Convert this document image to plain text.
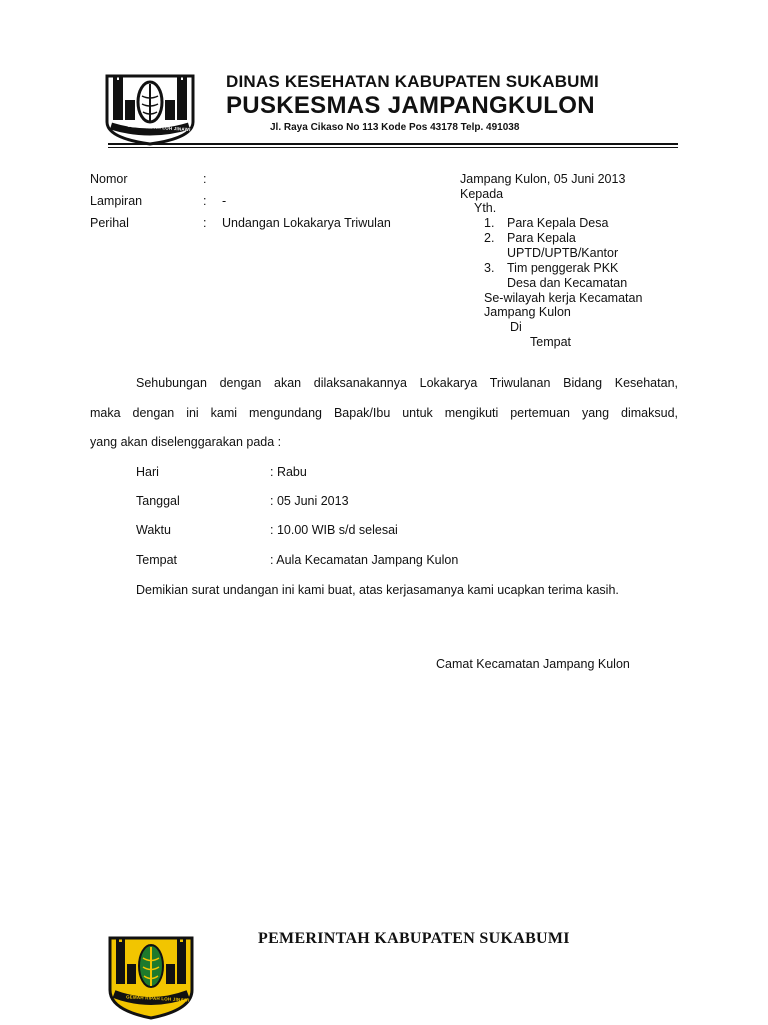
GEMAH RIPAH LOH JINAWI
DINAS KESEHATAN KABUPATEN SUKABUMI
PUSKESMAS JAMPANGKULON
Jl. Raya Cikaso No 113 Kode Pos 43178 Telp. 491038
Nomor	:
Lampiran	: -
Perihal	: Undangan Lokakarya Triwulan
Jampang Kulon, 05 Juni 2013
Kepada
Yth.
1. Para Kepala Desa
2. Para Kepala
UPTD/UPTB/Kantor
3. Tim penggerak PKK
Desa dan Kecamatan
Se-wilayah kerja Kecamatan
Jampang Kulon
Di
Tempat
Sehubungan dengan akan dilaksanakannya Lokakarya Triwulanan Bidang Kesehatan,
maka dengan ini kami mengundang Bapak/Ibu untuk mengikuti pertemuan yang dimaksud,
yang akan diselenggarakan pada :
Hari	: Rabu
Tanggal	: 05 Juni 2013
Waktu	: 10.00 WIB s/d selesai
Tempat	: Aula Kecamatan Jampang Kulon
Demikian surat undangan ini kami buat, atas kerjasamanya kami ucapkan terima kasih.
Camat Kecamatan Jampang Kulon
GEMAH RIPAH LOH JINAWI
PEMERINTAH KABUPATEN SUKABUMI
